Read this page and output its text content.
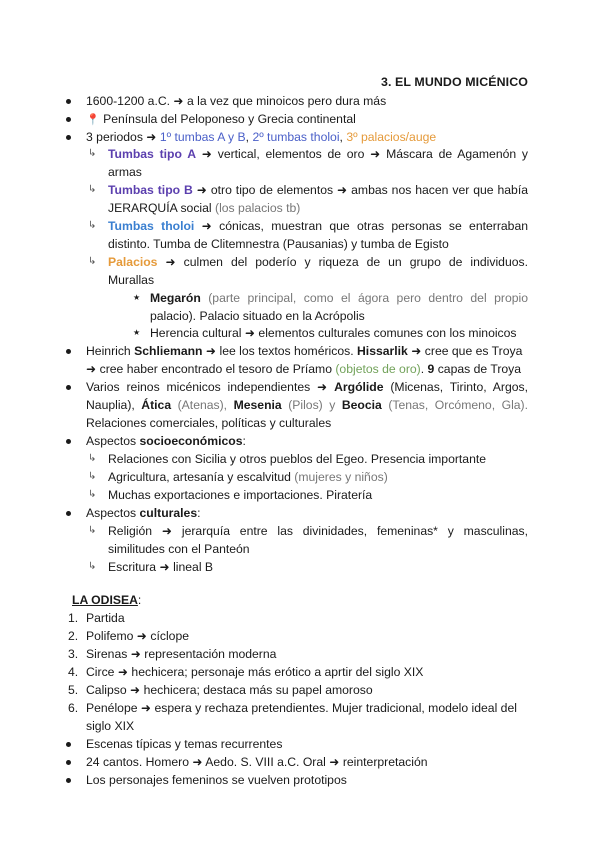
3. EL MUNDO MICÉNICO
1600-1200 a.C. ➜ a la vez que minoicos pero dura más
📍 Península del Peloponeso y Grecia continental
3 periodos ➜ 1º tumbas A y B, 2º tumbas tholoi, 3º palacios/auge
↳ Tumbas tipo A ➜ vertical, elementos de oro ➜ Máscara de Agamenón y
armas
↳ Tumbas tipo B ➜ otro tipo de elementos ➜ ambas nos hacen ver que había
JERARQUÍA social (los palacios tb)
↳ Tumbas tholoi ➜ cónicas, muestran que otras personas se enterraban
distinto. Tumba de Clitemnestra (Pausanias) y tumba de Egisto
↳ Palacios ➜ culmen del poderío y riqueza de un grupo de individuos.
Murallas
★ Megarón (parte principal, como el ágora pero dentro del propio
palacio). Palacio situado en la Acrópolis
★ Herencia cultural ➜ elementos culturales comunes con los minoicos
Heinrich Schliemann ➜ lee los textos homéricos. Hissarlik ➜ cree que es Troya
➜ cree haber encontrado el tesoro de Príamo (objetos de oro). 9 capas de Troya
Varios reinos micénicos independientes ➜ Argólide (Micenas, Tirinto, Argos,
Nauplia), Ática (Atenas), Mesenia (Pilos) y Beocia (Tenas, Orcómeno, Gla).
Relaciones comerciales, políticas y culturales
Aspectos socioeconómicos:
↳ Relaciones con Sicilia y otros pueblos del Egeo. Presencia importante
↳ Agricultura, artesanía y escalvitud (mujeres y niños)
↳ Muchas exportaciones e importaciones. Piratería
Aspectos culturales:
↳ Religión ➜ jerarquía entre las divinidades, femeninas* y masculinas,
similitudes con el Panteón
↳ Escritura ➜ lineal B
LA ODISEA:
1. Partida
2. Polifemo ➜ cíclope
3. Sirenas ➜ representación moderna
4. Circe ➜ hechicera; personaje más erótico a aprtir del siglo XIX
5. Calipso ➜ hechicera; destaca más su papel amoroso
6. Penélope ➜ espera y rechaza pretendientes. Mujer tradicional, modelo ideal del
siglo XIX
Escenas típicas y temas recurrentes
24 cantos. Homero ➜ Aedo. S. VIII a.C. Oral ➜ reinterpretación
Los personajes femeninos se vuelven prototipos
